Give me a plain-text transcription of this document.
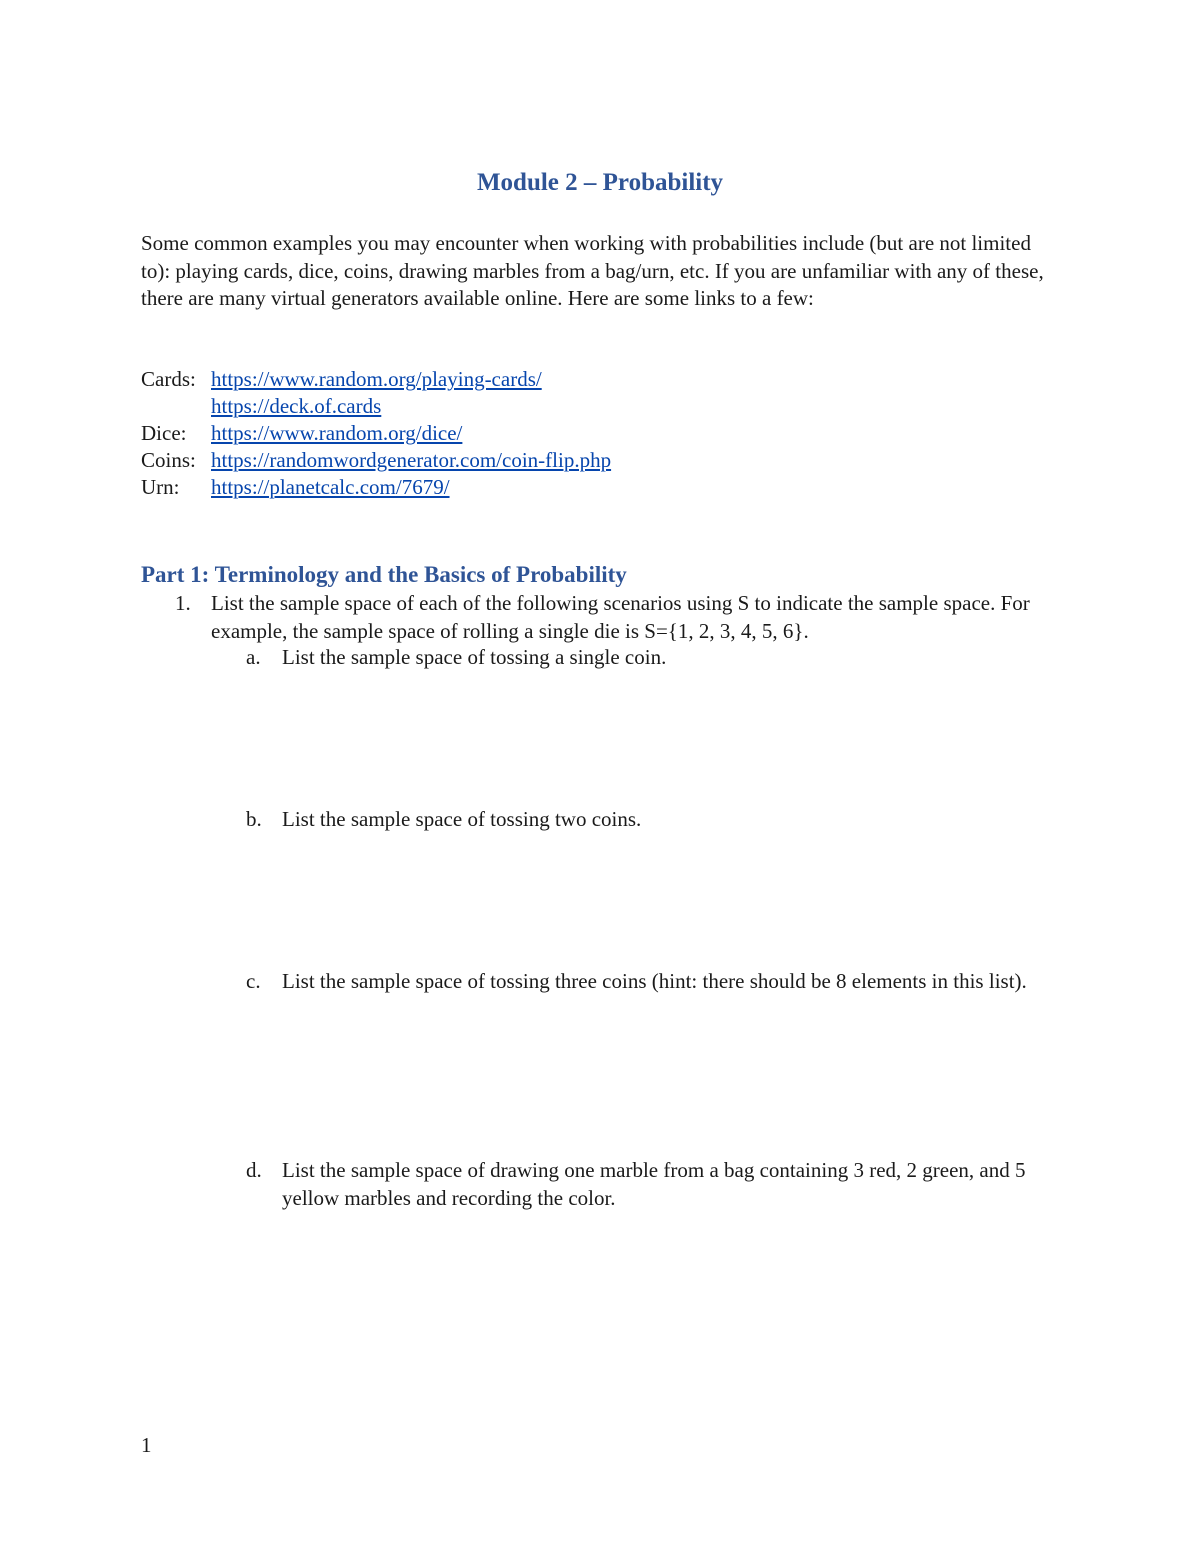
Module 2 – Probability

Some common examples you may encounter when working with probabilities include (but are not limited to): playing cards, dice, coins, drawing marbles from a bag/urn, etc. If you are unfamiliar with any of these, there are many virtual generators available online. Here are some links to a few:

Cards: https://www.random.org/playing-cards/
https://deck.of.cards
Dice:	https://www.random.org/dice/
Coins: https://randomwordgenerator.com/coin-flip.php
Urn:	https://planetcalc.com/7679/
Part 1: Terminology and the Basics of Probability
1. List the sample space of each of the following scenarios using S to indicate the sample space. For example, the sample space of rolling a single die is S={1, 2, 3, 4, 5, 6}.
a. List the sample space of tossing a single coin.
b. List the sample space of tossing two coins.
c. List the sample space of tossing three coins (hint: there should be 8 elements in this list).
d. List the sample space of drawing one marble from a bag containing 3 red, 2 green, and 5 yellow marbles and recording the color.
1
